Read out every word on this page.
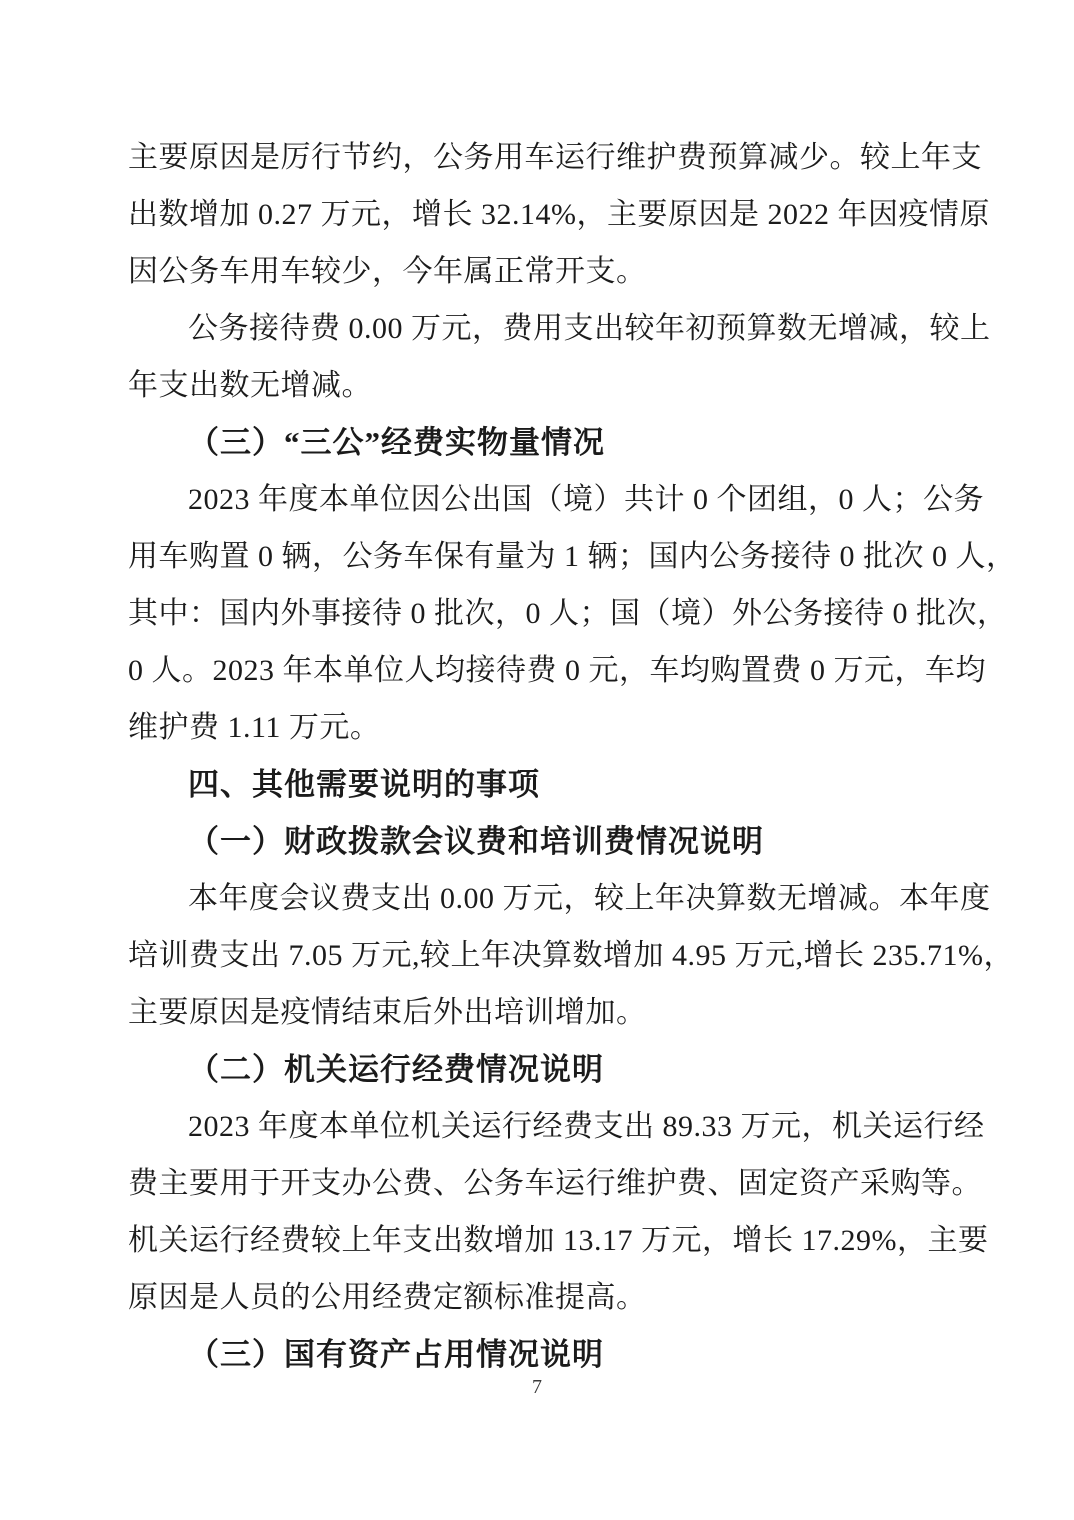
主要原因是厉行节约，公务用车运行维护费预算减少。较上年支
出数增加 0.27 万元，增长 32.14%，主要原因是 2022 年因疫情原
因公务车用车较少，今年属正常开支。
公务接待费 0.00 万元，费用支出较年初预算数无增减，较上
年支出数无增减。
（三）“三公”经费实物量情况
2023 年度本单位因公出国（境）共计 0 个团组，0 人；公务
用车购置 0 辆，公务车保有量为 1 辆；国内公务接待 0 批次 0 人，
其中：国内外事接待 0 批次，0 人；国（境）外公务接待 0 批次，
0 人。2023 年本单位人均接待费 0 元，车均购置费 0 万元，车均
维护费 1.11 万元。
四、其他需要说明的事项
（一）财政拨款会议费和培训费情况说明
本年度会议费支出 0.00 万元，较上年决算数无增减。本年度
培训费支出 7.05 万元,较上年决算数增加 4.95 万元,增长 235.71%，
主要原因是疫情结束后外出培训增加。
（二）机关运行经费情况说明
2023 年度本单位机关运行经费支出 89.33 万元，机关运行经
费主要用于开支办公费、公务车运行维护费、固定资产采购等。
机关运行经费较上年支出数增加 13.17 万元，增长 17.29%，主要
原因是人员的公用经费定额标准提高。
（三）国有资产占用情况说明
7
